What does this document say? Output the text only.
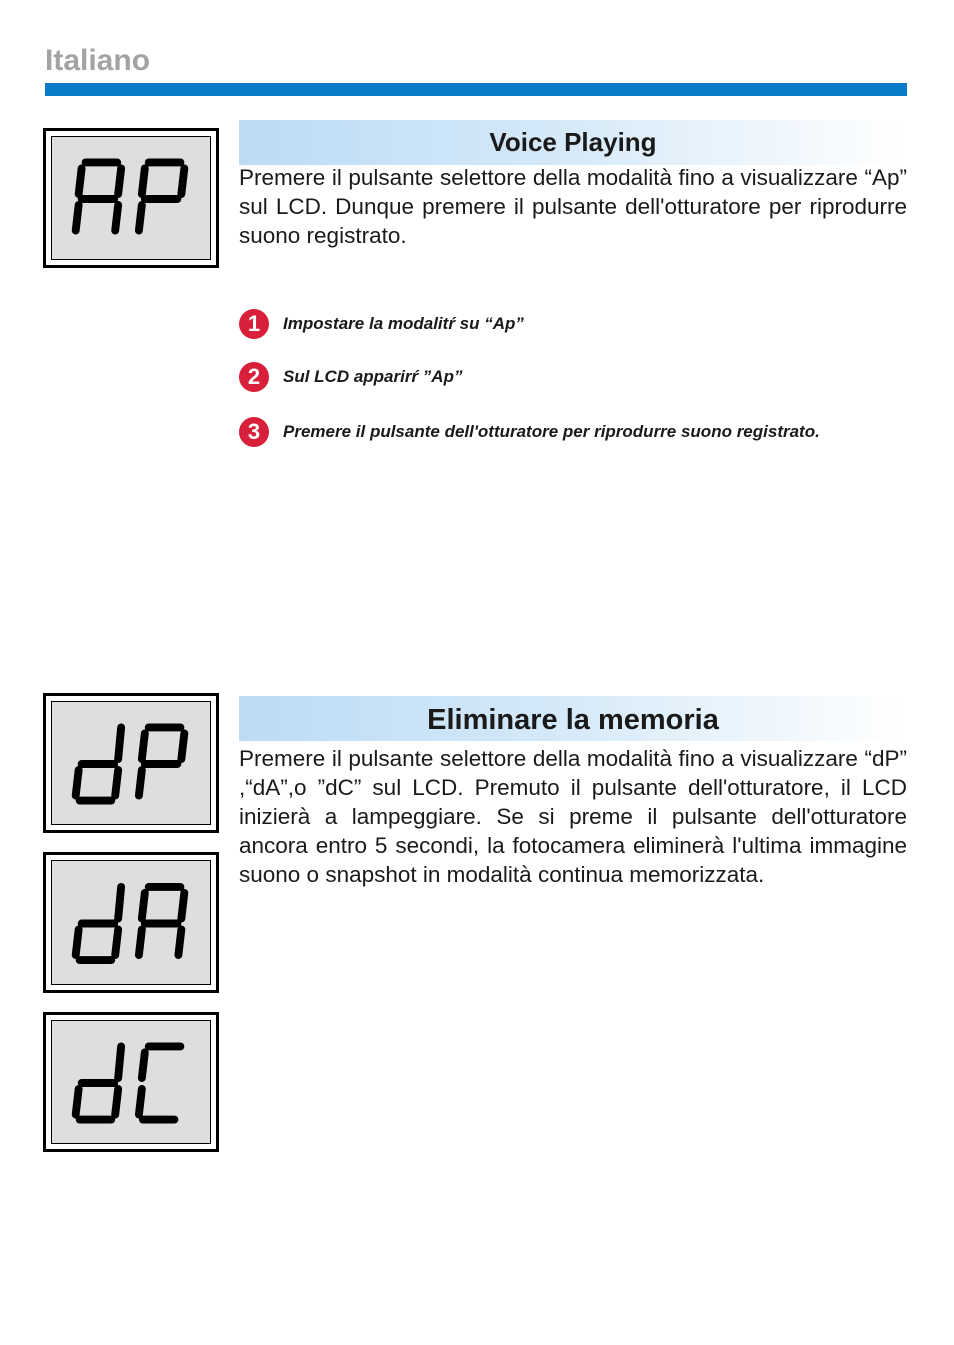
Italiano
Voice Playing

Premere il pulsante selettore della modalità fino a visualizzare “Ap” sul LCD. Dunque premere il pulsante dell'otturatore per riprodurre suono registrato.

1	Impostare la modalitŕ su “Ap”
2	Sul LCD apparirŕ ”Ap”
3	Premere il pulsante dell'otturatore per riprodurre suono registrato.
Eliminare la memoria

Premere il pulsante selettore della modalità fino a visualizzare “dP” ,“dA”,o ”dC” sul LCD. Premuto il pulsante dell'otturatore, il LCD inizierà a lampeggiare. Se si preme il pulsante dell'otturatore ancora entro 5 secondi, la fotocamera eliminerà l'ultima immagine suono o snapshot in modalità continua memorizzata.
